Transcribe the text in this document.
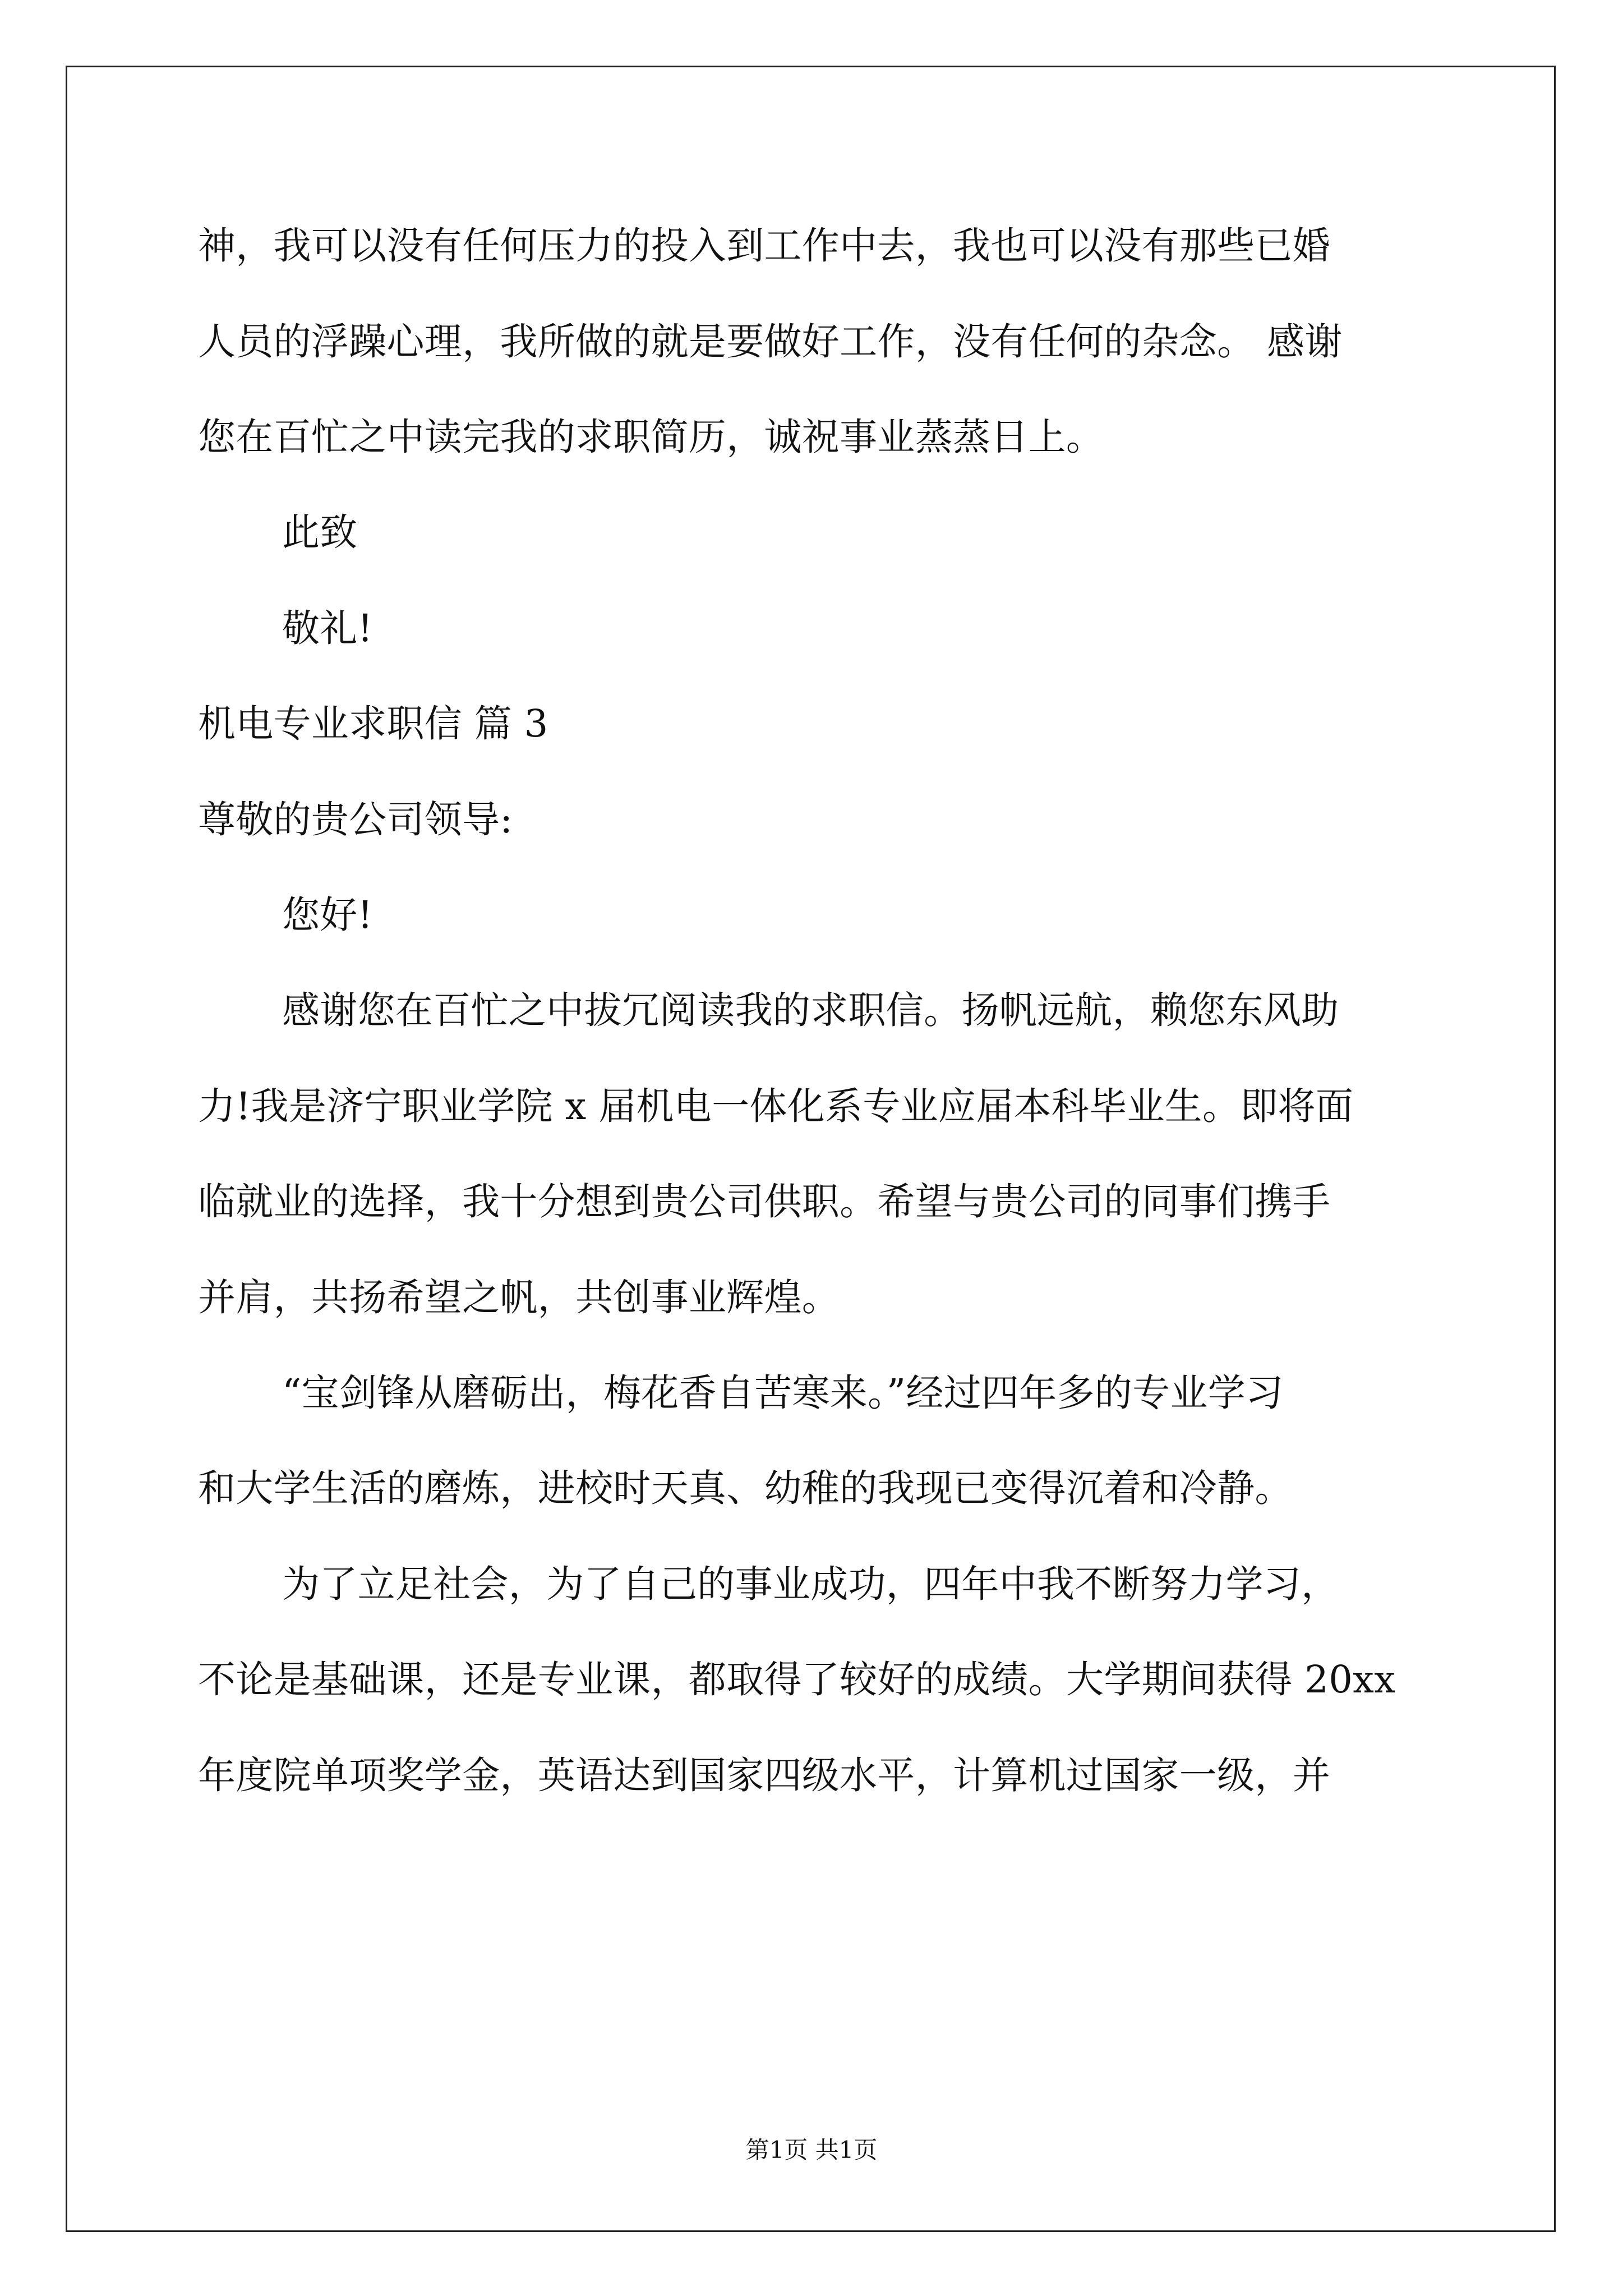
神，我可以没有任何压力的投入到工作中去，我也可以没有那些已婚
人员的浮躁心理，我所做的就是要做好工作，没有任何的杂念。 感谢
您在百忙之中读完我的求职简历，诚祝事业蒸蒸日上。
此致
敬礼!
机电专业求职信 篇 3
尊敬的贵公司领导:
您好!
感谢您在百忙之中拔冗阅读我的求职信。扬帆远航，赖您东风助
力!我是济宁职业学院 x 届机电一体化系专业应届本科毕业生。即将面
临就业的选择，我十分想到贵公司供职。希望与贵公司的同事们携手
并肩，共扬希望之帆，共创事业辉煌。
“宝剑锋从磨砺出，梅花香自苦寒来。”经过四年多的专业学习
和大学生活的磨炼，进校时天真、幼稚的我现已变得沉着和冷静。
为了立足社会，为了自己的事业成功，四年中我不断努力学习，
不论是基础课，还是专业课，都取得了较好的成绩。大学期间获得 20xx
年度院单项奖学金，英语达到国家四级水平，计算机过国家一级，并
第1页 共1页
